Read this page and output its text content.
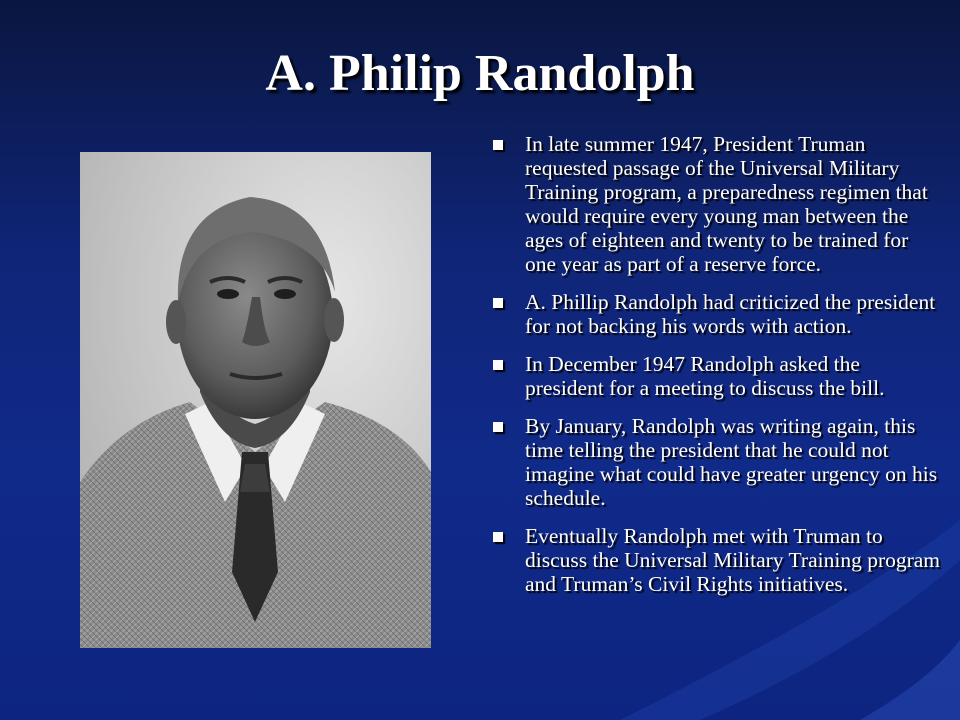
A. Philip Randolph
In late summer 1947, President Truman requested passage of the Universal Military Training program, a preparedness regimen that would require every young man between the ages of eighteen and twenty to be trained for one year as part of a reserve force.
A. Phillip Randolph had criticized the president for not backing his words with action.
In December 1947 Randolph asked the president for a meeting to discuss the bill.
By January, Randolph was writing again, this time telling the president that he could not imagine what could have greater urgency on his schedule.
Eventually Randolph met with Truman to discuss the Universal Military Training program and Truman’s Civil Rights initiatives.
